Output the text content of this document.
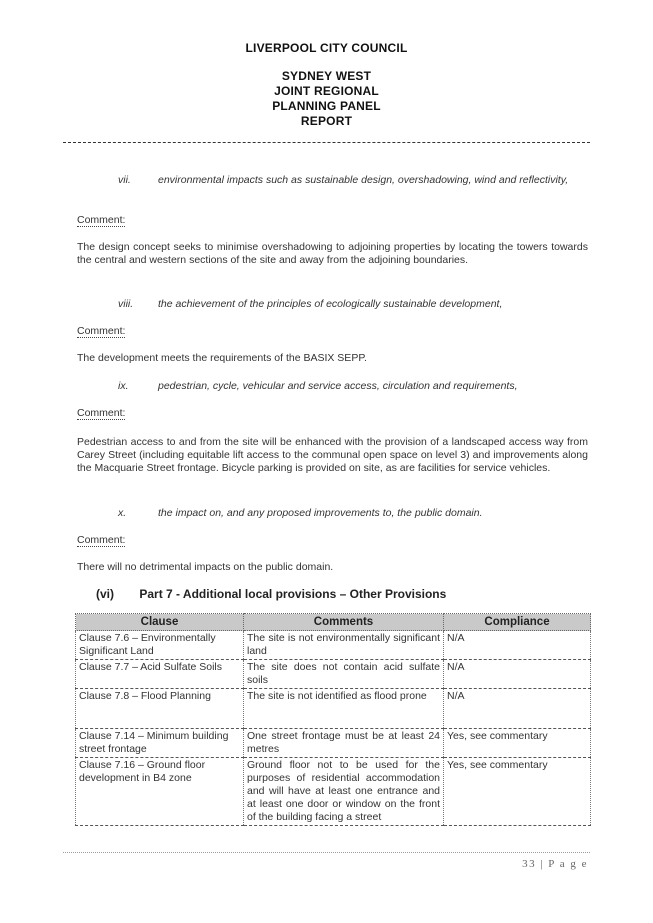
LIVERPOOL CITY COUNCIL
SYDNEY WEST
JOINT REGIONAL
PLANNING PANEL
REPORT
vii.	environmental impacts such as sustainable design, overshadowing, wind and reflectivity,
Comment:
The design concept seeks to minimise overshadowing to adjoining properties by locating the towers towards the central and western sections of the site and away from the adjoining boundaries.
viii.	the achievement of the principles of ecologically sustainable development,
Comment:
The development meets the requirements of the BASIX SEPP.
ix.	pedestrian, cycle, vehicular and service access, circulation and requirements,
Comment:
Pedestrian access to and from the site will be enhanced with the provision of a landscaped access way from Carey Street (including equitable lift access to the communal open space on level 3) and improvements along the Macquarie Street frontage. Bicycle parking is provided on site, as are facilities for service vehicles.
x.	the impact on, and any proposed improvements to, the public domain.
Comment:
There will no detrimental impacts on the public domain.
(vi) Part 7 - Additional local provisions – Other Provisions
Clause	Comments	Compliance
Clause 7.6 – Environmentally Significant Land	The site is not environmentally significant land	N/A
Clause 7.7 – Acid Sulfate Soils	The site does not contain acid sulfate soils	N/A
Clause 7.8 – Flood Planning	The site is not identified as flood prone	N/A
Clause 7.14 – Minimum building street frontage	One street frontage must be at least 24 metres	Yes, see commentary
Clause 7.16 – Ground floor development in B4 zone	Ground floor not to be used for the purposes of residential accommodation and will have at least one entrance and at least one door or window on the front of the building facing a street	Yes, see commentary
33 | P a g e
